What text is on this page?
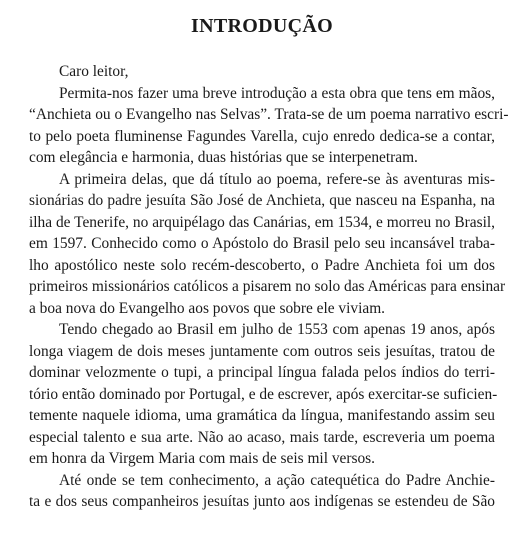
INTRODUÇÃO
Caro leitor,
Permita-nos fazer uma breve introdução a esta obra que tens em mãos,
“Anchieta ou o Evangelho nas Selvas”. Trata-se de um poema narrativo escri-
to pelo poeta fluminense Fagundes Varella, cujo enredo dedica-se a contar,
com elegância e harmonia, duas histórias que se interpenetram.
A primeira delas, que dá título ao poema, refere-se às aventuras mis-
sionárias do padre jesuíta São José de Anchieta, que nasceu na Espanha, na
ilha de Tenerife, no arquipélago das Canárias, em 1534, e morreu no Brasil,
em 1597. Conhecido como o Apóstolo do Brasil pelo seu incansável traba-
lho apostólico neste solo recém-descoberto, o Padre Anchieta foi um dos
primeiros missionários católicos a pisarem no solo das Américas para ensinar
a boa nova do Evangelho aos povos que sobre ele viviam.
Tendo chegado ao Brasil em julho de 1553 com apenas 19 anos, após
longa viagem de dois meses juntamente com outros seis jesuítas, tratou de
dominar velozmente o tupi, a principal língua falada pelos índios do terri-
tório então dominado por Portugal, e de escrever, após exercitar-se suficien-
temente naquele idioma, uma gramática da língua, manifestando assim seu
especial talento e sua arte. Não ao acaso, mais tarde, escreveria um poema
em honra da Virgem Maria com mais de seis mil versos.
Até onde se tem conhecimento, a ação catequética do Padre Anchie-
ta e dos seus companheiros jesuítas junto aos indígenas se estendeu de São
